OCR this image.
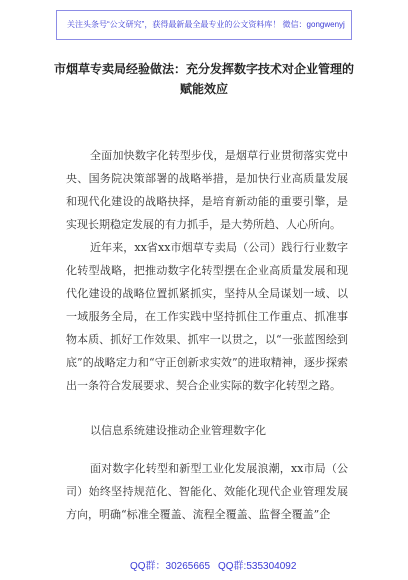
关注头条号“公文研究”，获得最新最全最专业的公文资料库！ 微信：gongwenyj
市烟草专卖局经验做法：充分发挥数字技术对企业管理的
赋能效应

全面加快数字化转型步伐，是烟草行业贯彻落实党中央、国务院决策部署的战略举措，是加快行业高质量发展和现代化建设的战略抉择，是培育新动能的重要引擎，是实现长期稳定发展的有力抓手，是大势所趋、人心所向。

近年来，xx省xx市烟草专卖局（公司）践行行业数字化转型战略，把推动数字化转型摆在企业高质量发展和现代化建设的战略位置抓紧抓实，坚持从全局谋划一域、以一域服务全局，在工作实践中坚持抓住工作重点、抓准事物本质、抓好工作效果、抓牢一以贯之，以“一张蓝图绘到底”的战略定力和“守正创新求实效”的进取精神，逐步探索出一条符合发展要求、契合企业实际的数字化转型之路。

以信息系统建设推动企业管理数字化

面对数字化转型和新型工业化发展浪潮，xx市局（公司）始终坚持规范化、智能化、效能化现代企业管理发展方向，明确“标准全覆盖、流程全覆盖、监督全覆盖”企

QQ群：30265665 QQ群:535304092
